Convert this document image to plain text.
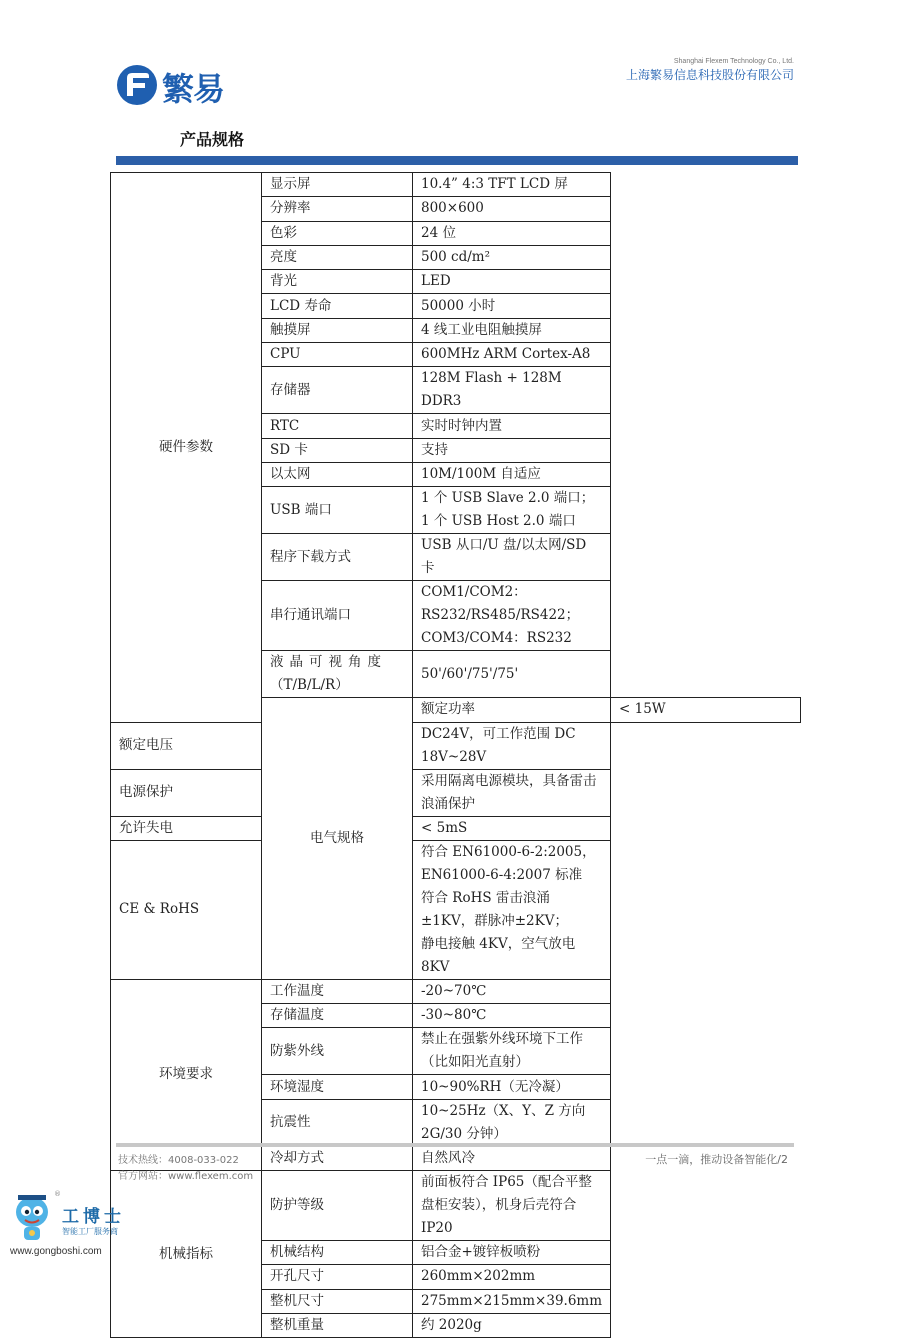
繁易
Shanghai Flexem Technology Co., Ltd.
上海繁易信息科技股份有限公司
产品规格
硬件参数	显示屏	10.4” 4:3 TFT LCD 屏	
	分辨率	800×600	
	色彩	24 位	
	亮度	500 cd/m²	
	背光	LED	
	LCD 寿命	50000 小时	
	触摸屏	4 线工业电阻触摸屏	
	CPU	600MHz ARM Cortex-A8	
	存储器	128M Flash + 128M DDR3	
	RTC	实时时钟内置	
	SD 卡	支持	
	以太网	10M/100M 自适应	
	USB 端口	1 个 USB Slave 2.0 端口；1 个 USB Host 2.0 端口	
	程序下载方式	USB 从口/U 盘/以太网/SD 卡	
	串行通讯端口	COM1/COM2：RS232/RS485/RS422；
COM3/COM4：RS232	

	液晶可视角度
（T/B/L/R）	50'/60'/75'/75'	
	电气规格	额定功率	< 15W
额定电压		DC24V，可工作范围 DC 18V~28V	
电源保护		采用隔离电源模块，具备雷击浪涌保护	
允许失电		< 5mS	
CE & RoHS		符合 EN61000-6-2:2005，EN61000-6-4:2007 标准
符合 RoHS 雷击浪涌±1KV，群脉冲±2KV；
静电接触 4KV，空气放电 8KV	

环境要求	工作温度	-20~70℃	
	存储温度	-30~80℃	
	防紫外线	禁止在强紫外线环境下工作（比如阳光直射）	
	环境湿度	10~90%RH（无冷凝）	
	抗震性	10~25Hz（X、Y、Z 方向 2G/30 分钟）	
	冷却方式	自然风冷	
机械指标	防护等级	前面板符合 IP65（配合平整盘柜安装），机身后壳符合 IP20	
	机械结构	铝合金+镀锌板喷粉	
	开孔尺寸	260mm×202mm	
	整机尺寸	275mm×215mm×39.6mm	
	整机重量	约 2020g	
技术热线：4008-033-022
官方网站：www.flexem.com
一点一滴，推动设备智能化/2
®
工博士
智能工厂服务商
www.gongboshi.com
